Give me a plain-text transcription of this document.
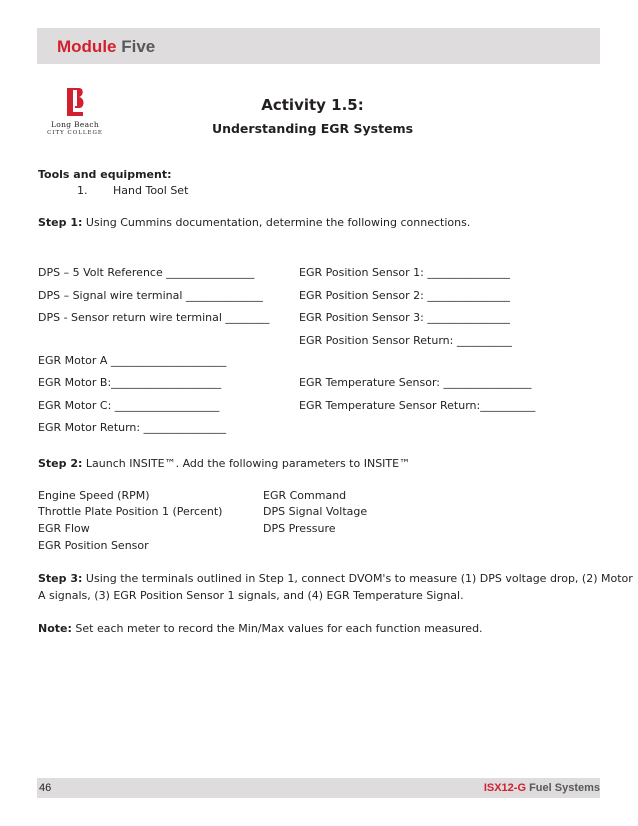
Module Five
Long Beach
CITY COLLEGE
Activity 1.5:
Understanding EGR Systems
Tools and equipment:
1. Hand Tool Set
Step 1: Using Cummins documentation, determine the following connections.
DPS – 5 Volt Reference ________________
DPS – Signal wire terminal ______________
DPS - Sensor return wire terminal ________
EGR Motor A _____________________
EGR Motor B:____________________
EGR Motor C: ___________________
EGR Motor Return: _______________
EGR Position Sensor 1: _______________
EGR Position Sensor 2: _______________
EGR Position Sensor 3: _______________
EGR Position Sensor Return: __________
EGR Temperature Sensor: ________________
EGR Temperature Sensor Return:__________
Step 2: Launch INSITE™. Add the following parameters to INSITE™
Engine Speed (RPM)
Throttle Plate Position 1 (Percent)
EGR Flow
EGR Position Sensor
EGR Command
DPS Signal Voltage
DPS Pressure
Step 3: Using the terminals outlined in Step 1, connect DVOM's to measure (1) DPS voltage drop, (2) Motor
A signals, (3) EGR Position Sensor 1 signals, and (4) EGR Temperature Signal.
Note: Set each meter to record the Min/Max values for each function measured.
46	ISX12-G Fuel Systems
